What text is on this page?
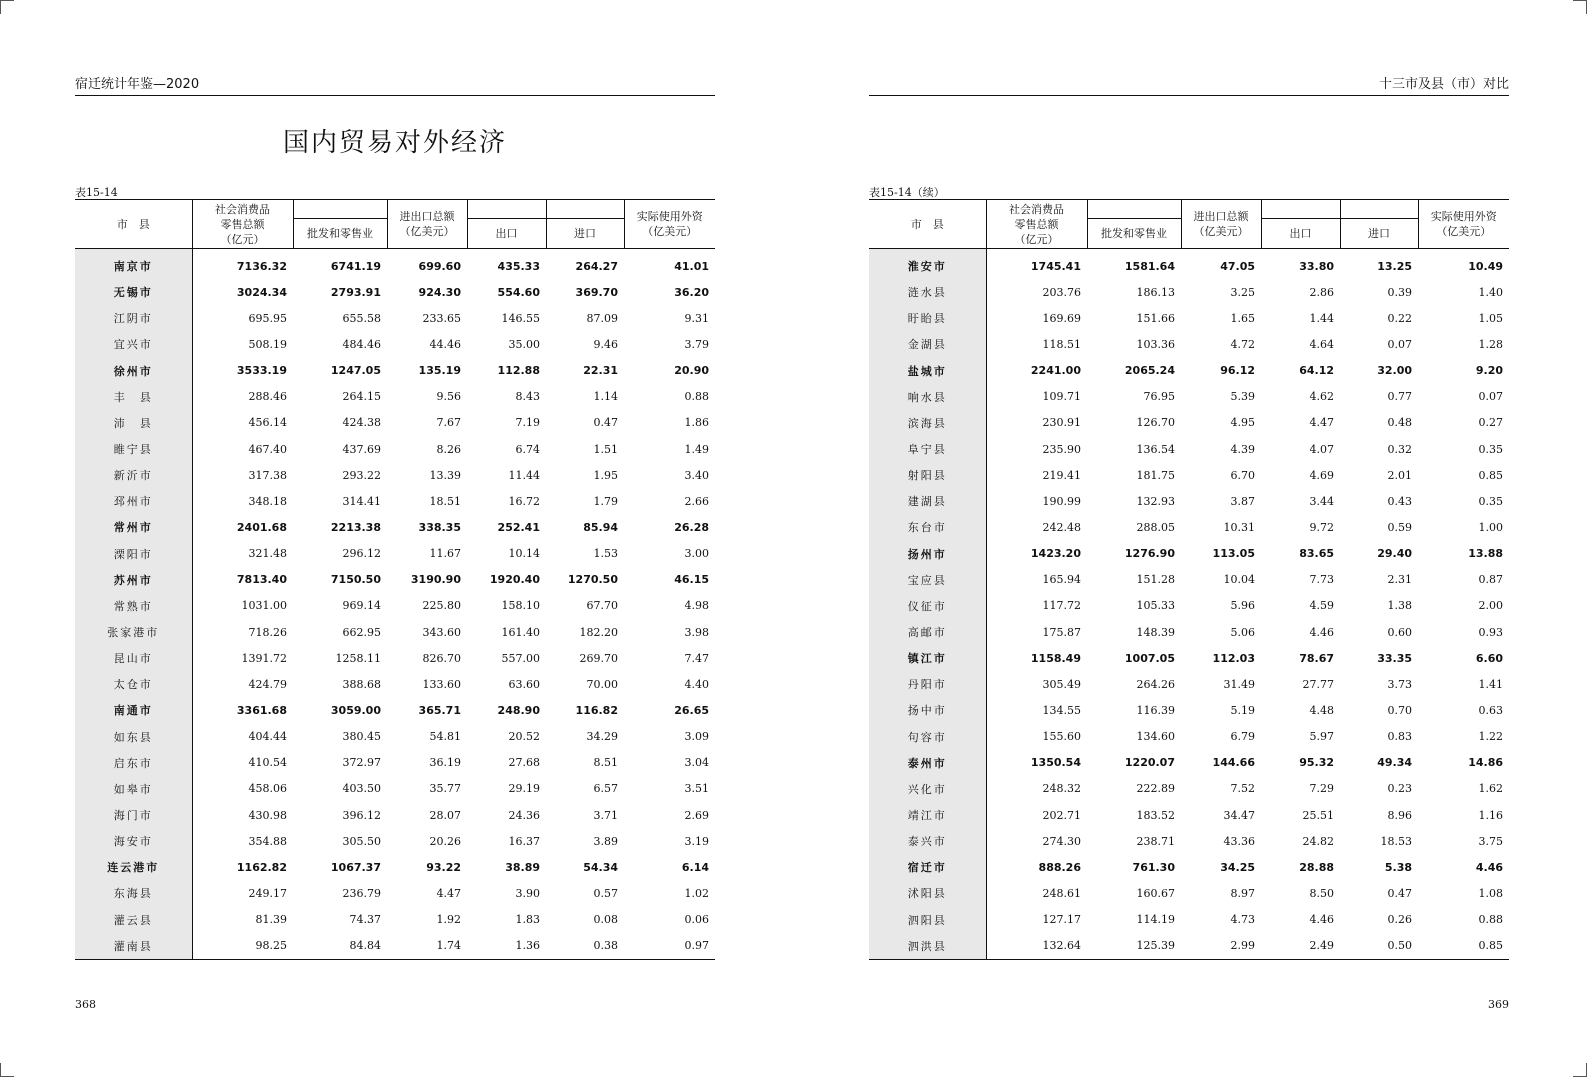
宿迁统计年鉴—2020
国内贸易对外经济
表15-14
市　县	社会消费品零售总额（亿元）		进出口总额（亿美元）			实际使用外资（亿美元）
		批发和零售业		出口	进口	
南京市	7136.32	6741.19	699.60	435.33	264.27	41.01
无锡市	3024.34	2793.91	924.30	554.60	369.70	36.20
江阴市	695.95	655.58	233.65	146.55	87.09	9.31
宜兴市	508.19	484.46	44.46	35.00	9.46	3.79
徐州市	3533.19	1247.05	135.19	112.88	22.31	20.90
丰　县	288.46	264.15	9.56	8.43	1.14	0.88
沛　县	456.14	424.38	7.67	7.19	0.47	1.86
睢宁县	467.40	437.69	8.26	6.74	1.51	1.49
新沂市	317.38	293.22	13.39	11.44	1.95	3.40
邳州市	348.18	314.41	18.51	16.72	1.79	2.66
常州市	2401.68	2213.38	338.35	252.41	85.94	26.28
溧阳市	321.48	296.12	11.67	10.14	1.53	3.00
苏州市	7813.40	7150.50	3190.90	1920.40	1270.50	46.15
常熟市	1031.00	969.14	225.80	158.10	67.70	4.98
张家港市	718.26	662.95	343.60	161.40	182.20	3.98
昆山市	1391.72	1258.11	826.70	557.00	269.70	7.47
太仓市	424.79	388.68	133.60	63.60	70.00	4.40
南通市	3361.68	3059.00	365.71	248.90	116.82	26.65
如东县	404.44	380.45	54.81	20.52	34.29	3.09
启东市	410.54	372.97	36.19	27.68	8.51	3.04
如皋市	458.06	403.50	35.77	29.19	6.57	3.51
海门市	430.98	396.12	28.07	24.36	3.71	2.69
海安市	354.88	305.50	20.26	16.37	3.89	3.19
连云港市	1162.82	1067.37	93.22	38.89	54.34	6.14
东海县	249.17	236.79	4.47	3.90	0.57	1.02
灌云县	81.39	74.37	1.92	1.83	0.08	0.06
灌南县	98.25	84.84	1.74	1.36	0.38	0.97
368
十三市及县（市）对比
表15-14（续）
市　县	社会消费品零售总额（亿元）		进出口总额（亿美元）			实际使用外资（亿美元）
		批发和零售业		出口	进口	
淮安市	1745.41	1581.64	47.05	33.80	13.25	10.49
涟水县	203.76	186.13	3.25	2.86	0.39	1.40
盱眙县	169.69	151.66	1.65	1.44	0.22	1.05
金湖县	118.51	103.36	4.72	4.64	0.07	1.28
盐城市	2241.00	2065.24	96.12	64.12	32.00	9.20
响水县	109.71	76.95	5.39	4.62	0.77	0.07
滨海县	230.91	126.70	4.95	4.47	0.48	0.27
阜宁县	235.90	136.54	4.39	4.07	0.32	0.35
射阳县	219.41	181.75	6.70	4.69	2.01	0.85
建湖县	190.99	132.93	3.87	3.44	0.43	0.35
东台市	242.48	288.05	10.31	9.72	0.59	1.00
扬州市	1423.20	1276.90	113.05	83.65	29.40	13.88
宝应县	165.94	151.28	10.04	7.73	2.31	0.87
仪征市	117.72	105.33	5.96	4.59	1.38	2.00
高邮市	175.87	148.39	5.06	4.46	0.60	0.93
镇江市	1158.49	1007.05	112.03	78.67	33.35	6.60
丹阳市	305.49	264.26	31.49	27.77	3.73	1.41
扬中市	134.55	116.39	5.19	4.48	0.70	0.63
句容市	155.60	134.60	6.79	5.97	0.83	1.22
泰州市	1350.54	1220.07	144.66	95.32	49.34	14.86
兴化市	248.32	222.89	7.52	7.29	0.23	1.62
靖江市	202.71	183.52	34.47	25.51	8.96	1.16
泰兴市	274.30	238.71	43.36	24.82	18.53	3.75
宿迁市	888.26	761.30	34.25	28.88	5.38	4.46
沭阳县	248.61	160.67	8.97	8.50	0.47	1.08
泗阳县	127.17	114.19	4.73	4.46	0.26	0.88
泗洪县	132.64	125.39	2.99	2.49	0.50	0.85
369
